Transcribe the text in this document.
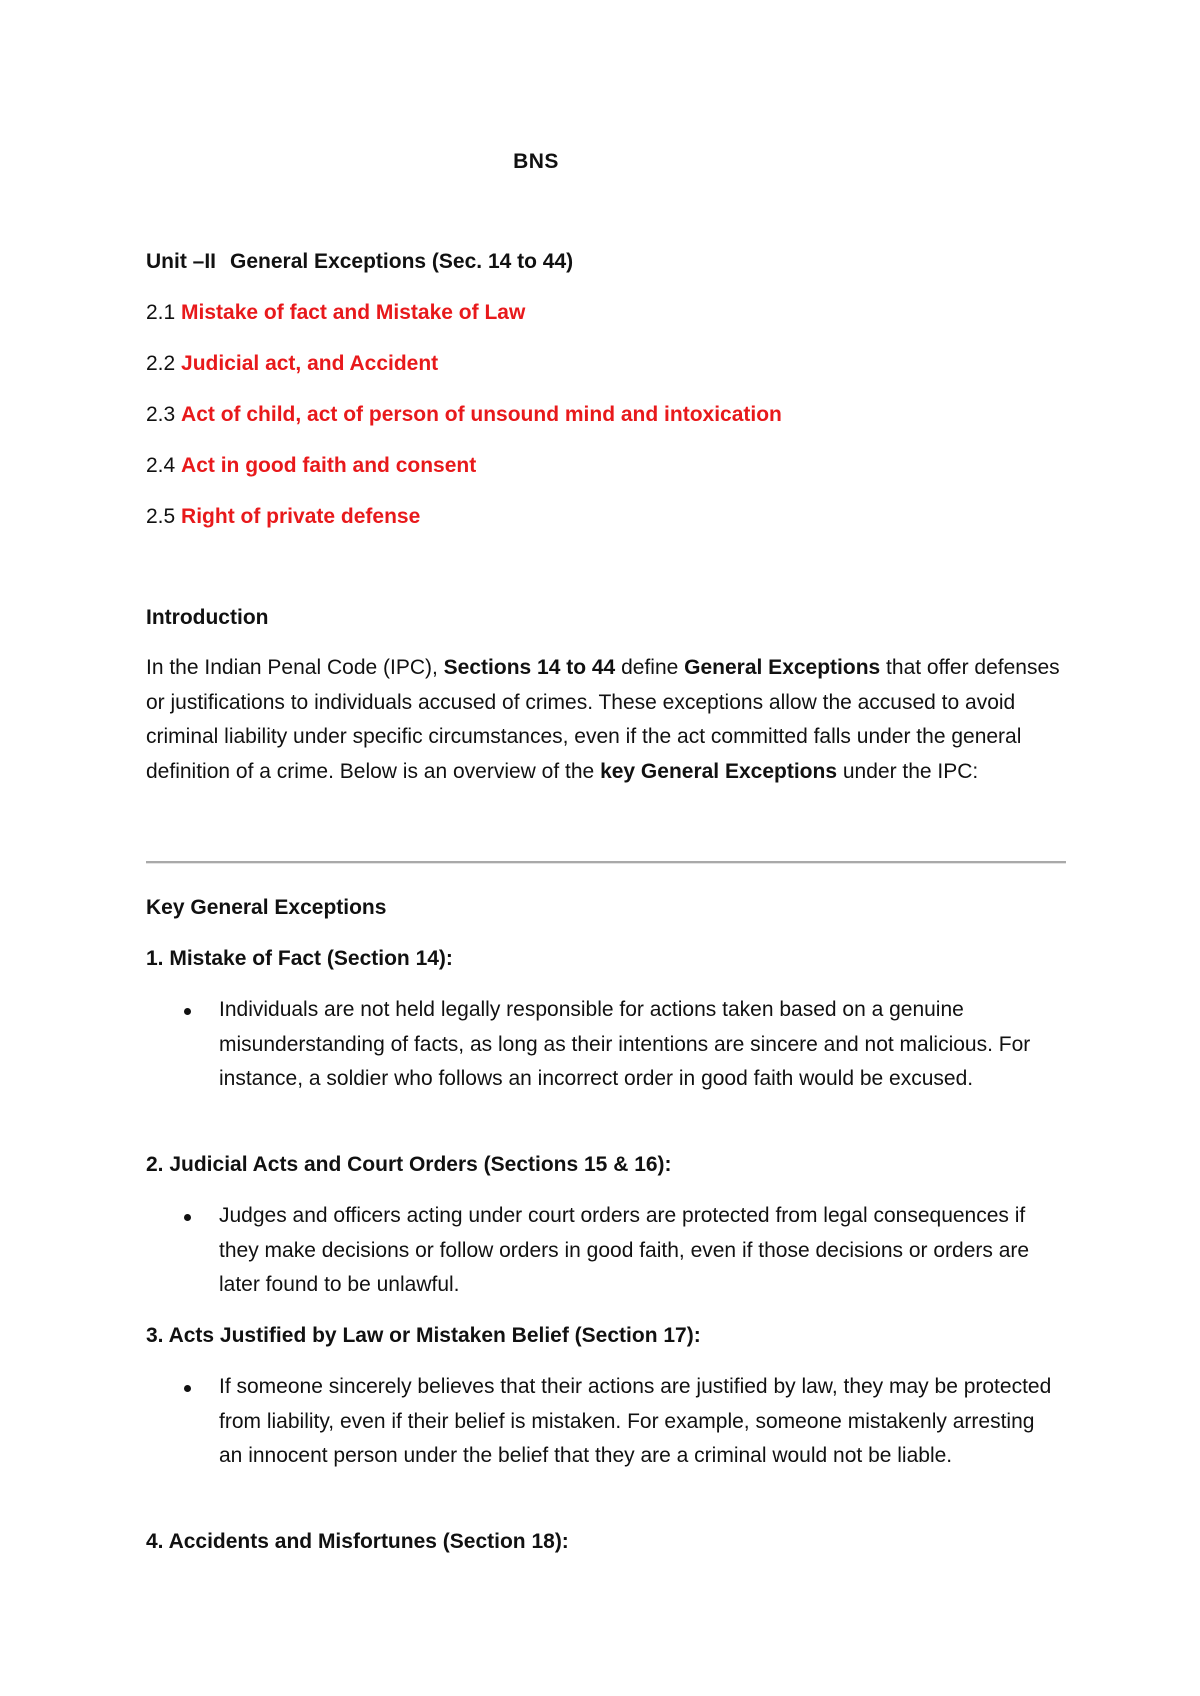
BNS
Unit –II General Exceptions (Sec. 14 to 44)
2.1 Mistake of fact and Mistake of Law
2.2 Judicial act, and Accident
2.3 Act of child, act of person of unsound mind and intoxication
2.4 Act in good faith and consent
2.5 Right of private defense
Introduction
In the Indian Penal Code (IPC), Sections 14 to 44 define General Exceptions that offer defenses or justifications to individuals accused of crimes. These exceptions allow the accused to avoid criminal liability under specific circumstances, even if the act committed falls under the general definition of a crime. Below is an overview of the key General Exceptions under the IPC:
Key General Exceptions
1. Mistake of Fact (Section 14):
Individuals are not held legally responsible for actions taken based on a genuine misunderstanding of facts, as long as their intentions are sincere and not malicious. For instance, a soldier who follows an incorrect order in good faith would be excused.
2. Judicial Acts and Court Orders (Sections 15 & 16):
Judges and officers acting under court orders are protected from legal consequences if they make decisions or follow orders in good faith, even if those decisions or orders are later found to be unlawful.
3. Acts Justified by Law or Mistaken Belief (Section 17):
If someone sincerely believes that their actions are justified by law, they may be protected from liability, even if their belief is mistaken. For example, someone mistakenly arresting an innocent person under the belief that they are a criminal would not be liable.
4. Accidents and Misfortunes (Section 18):
